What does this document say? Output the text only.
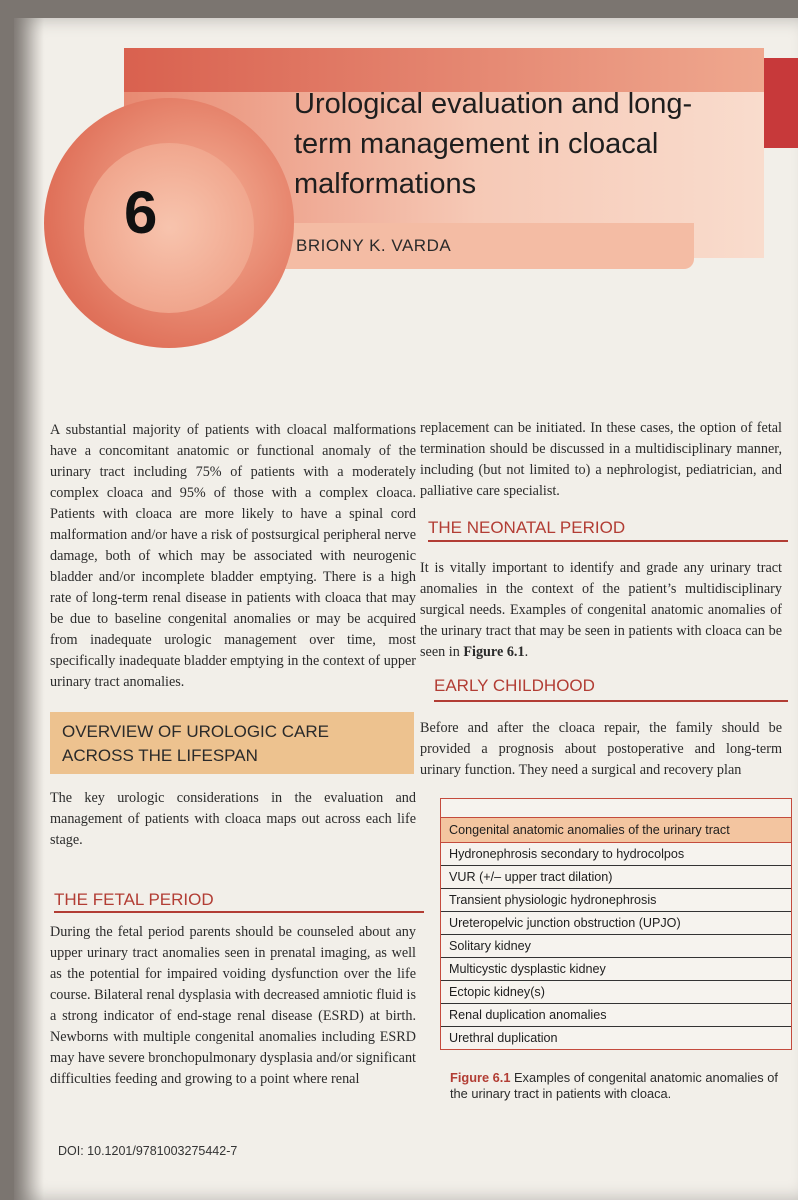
6
Urological evaluation and long-term management in cloacal malformations
BRIONY K. VARDA
A substantial majority of patients with cloacal malformations have a concomitant anatomic or functional anomaly of the urinary tract including 75% of patients with a moderately complex cloaca and 95% of those with a complex cloaca. Patients with cloaca are more likely to have a spinal cord malformation and/or have a risk of postsurgical peripheral nerve damage, both of which may be associated with neurogenic bladder and/or incomplete bladder emptying. There is a high rate of long-term renal disease in patients with cloaca that may be due to baseline congenital anomalies or may be acquired from inadequate urologic management over time, most specifically inadequate bladder emptying in the context of upper urinary tract anomalies.
OVERVIEW OF UROLOGIC CARE ACROSS THE LIFESPAN
The key urologic considerations in the evaluation and management of patients with cloaca maps out across each life stage.
THE FETAL PERIOD
During the fetal period parents should be counseled about any upper urinary tract anomalies seen in prenatal imaging, as well as the potential for impaired voiding dysfunction over the life course. Bilateral renal dysplasia with decreased amniotic fluid is a strong indicator of end-stage renal disease (ESRD) at birth. Newborns with multiple congenital anomalies including ESRD may have severe bronchopulmonary dysplasia and/or significant difficulties feeding and growing to a point where renal
replacement can be initiated. In these cases, the option of fetal termination should be discussed in a multidisciplinary manner, including (but not limited to) a nephrologist, pediatrician, and palliative care specialist.
THE NEONATAL PERIOD
It is vitally important to identify and grade any urinary tract anomalies in the context of the patient’s multidisciplinary surgical needs. Examples of congenital anatomic anomalies of the urinary tract that may be seen in patients with cloaca can be seen in Figure 6.1.
EARLY CHILDHOOD
Before and after the cloaca repair, the family should be provided a prognosis about postoperative and long-term urinary function. They need a surgical and recovery plan
Congenital anatomic anomalies of the urinary tract
Hydronephrosis secondary to hydrocolpos
VUR (+/– upper tract dilation)
Transient physiologic hydronephrosis
Ureteropelvic junction obstruction (UPJO)
Solitary kidney
Multicystic dysplastic kidney
Ectopic kidney(s)
Renal duplication anomalies
Urethral duplication
Figure 6.1 Examples of congenital anatomic anomalies of the urinary tract in patients with cloaca.
DOI: 10.1201/9781003275442-7
